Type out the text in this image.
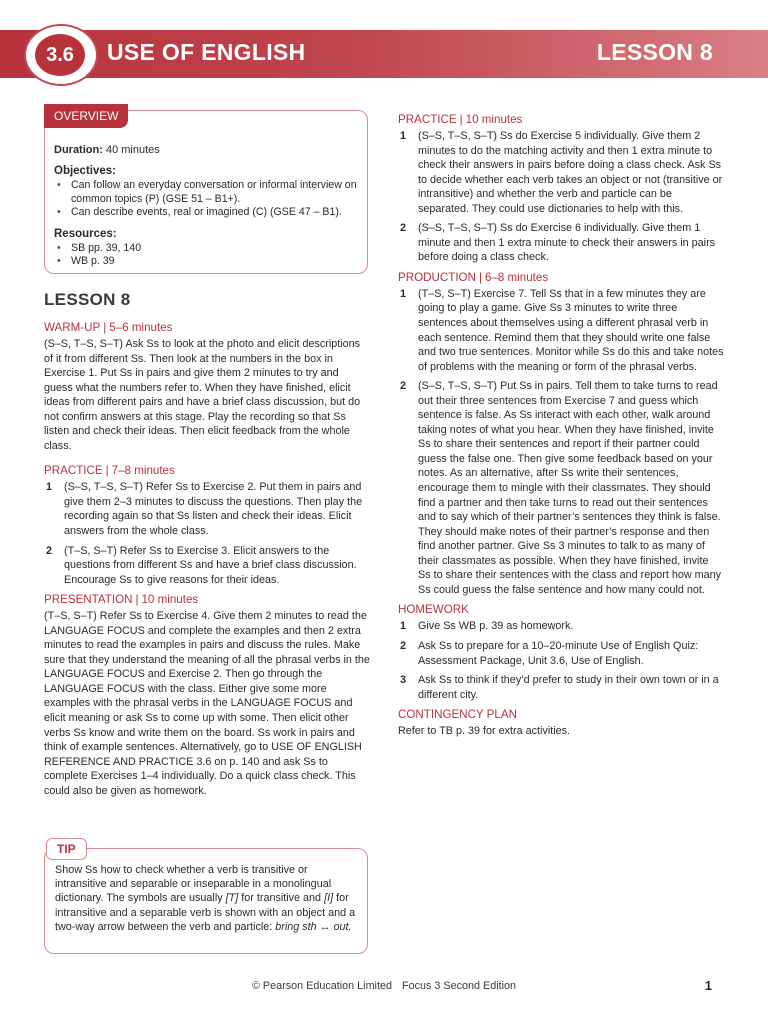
3.6	USE OF ENGLISH	LESSON 8
Duration: 40 minutes
Objectives:
• Can follow an everyday conversation or informal interview on common topics (P) (GSE 51 – B1+).
• Can describe events, real or imagined (C) (GSE 47 – B1).
Resources:
• SB pp. 39, 140
• WB p. 39
OVERVIEW
LESSON 8
WARM-UP | 5–6 minutes
(S–S, T–S, S–T) Ask Ss to look at the photo and elicit descriptions of it from different Ss. Then look at the numbers in the box in Exercise 1. Put Ss in pairs and give them 2 minutes to try and guess what the numbers refer to. When they have finished, elicit ideas from different pairs and have a brief class discussion, but do not confirm answers at this stage. Play the recording so that Ss listen and check their ideas. Then elicit feedback from the whole class.
PRACTICE | 7–8 minutes
1 (S–S, T–S, S–T) Refer Ss to Exercise 2. Put them in pairs and give them 2–3 minutes to discuss the questions. Then play the recording again so that Ss listen and check their ideas. Elicit answers from the whole class.
2 (T–S, S–T) Refer Ss to Exercise 3. Elicit answers to the questions from different Ss and have a brief class discussion. Encourage Ss to give reasons for their ideas.
PRESENTATION | 10 minutes
(T–S, S–T) Refer Ss to Exercise 4. Give them 2 minutes to read the LANGUAGE FOCUS and complete the examples and then 2 extra minutes to read the examples in pairs and discuss the rules. Make sure that they understand the meaning of all the phrasal verbs in the LANGUAGE FOCUS and Exercise 2. Then go through the LANGUAGE FOCUS with the class. Either give some more examples with the phrasal verbs in the LANGUAGE FOCUS and elicit meaning or ask Ss to come up with some. Then elicit other verbs Ss know and write them on the board. Ss work in pairs and think of example sentences. Alternatively, go to USE OF ENGLISH REFERENCE AND PRACTICE 3.6 on p. 140 and ask Ss to complete Exercises 1–4 individually. Do a quick class check. This could also be given as homework.
Show Ss how to check whether a verb is transitive or intransitive and separable or inseparable in a monolingual dictionary. The symbols are usually [T] for transitive and [I] for intransitive and a separable verb is shown with an object and a two-way arrow between the verb and particle: bring sth ↔ out.
TIP
PRACTICE | 10 minutes
1 (S–S, T–S, S–T) Ss do Exercise 5 individually. Give them 2 minutes to do the matching activity and then 1 extra minute to check their answers in pairs before doing a class check. Ask Ss to decide whether each verb takes an object or not (transitive or intransitive) and whether the verb and particle can be separated. They could use dictionaries to help with this.
2 (S–S, T–S, S–T) Ss do Exercise 6 individually. Give them 1 minute and then 1 extra minute to check their answers in pairs before doing a class check.
PRODUCTION | 6–8 minutes
1 (T–S, S–T) Exercise 7. Tell Ss that in a few minutes they are going to play a game. Give Ss 3 minutes to write three sentences about themselves using a different phrasal verb in each sentence. Remind them that they should write one false and two true sentences. Monitor while Ss do this and take notes of problems with the meaning or form of the phrasal verbs.
2 (S–S, T–S, S–T) Put Ss in pairs. Tell them to take turns to read out their three sentences from Exercise 7 and guess which sentence is false. As Ss interact with each other, walk around taking notes of what you hear. When they have finished, invite Ss to share their sentences and report if their partner could guess the false one. Then give some feedback based on your notes. As an alternative, after Ss write their sentences, encourage them to mingle with their classmates. They should find a partner and then take turns to read out their sentences and to say which of their partner’s sentences they think is false. They should make notes of their partner’s response and then find another partner. Give Ss 3 minutes to talk to as many of their classmates as possible. When they have finished, invite Ss to share their sentences with the class and report how many Ss could guess the false sentence and how many could not.
HOMEWORK
1 Give Ss WB p. 39 as homework.
2 Ask Ss to prepare for a 10–20-minute Use of English Quiz: Assessment Package, Unit 3.6, Use of English.
3 Ask Ss to think if they’d prefer to study in their own town or in a different city.
CONTINGENCY PLAN
Refer to TB p. 39 for extra activities.
© Pearson Education Limited Focus 3 Second Edition	1
